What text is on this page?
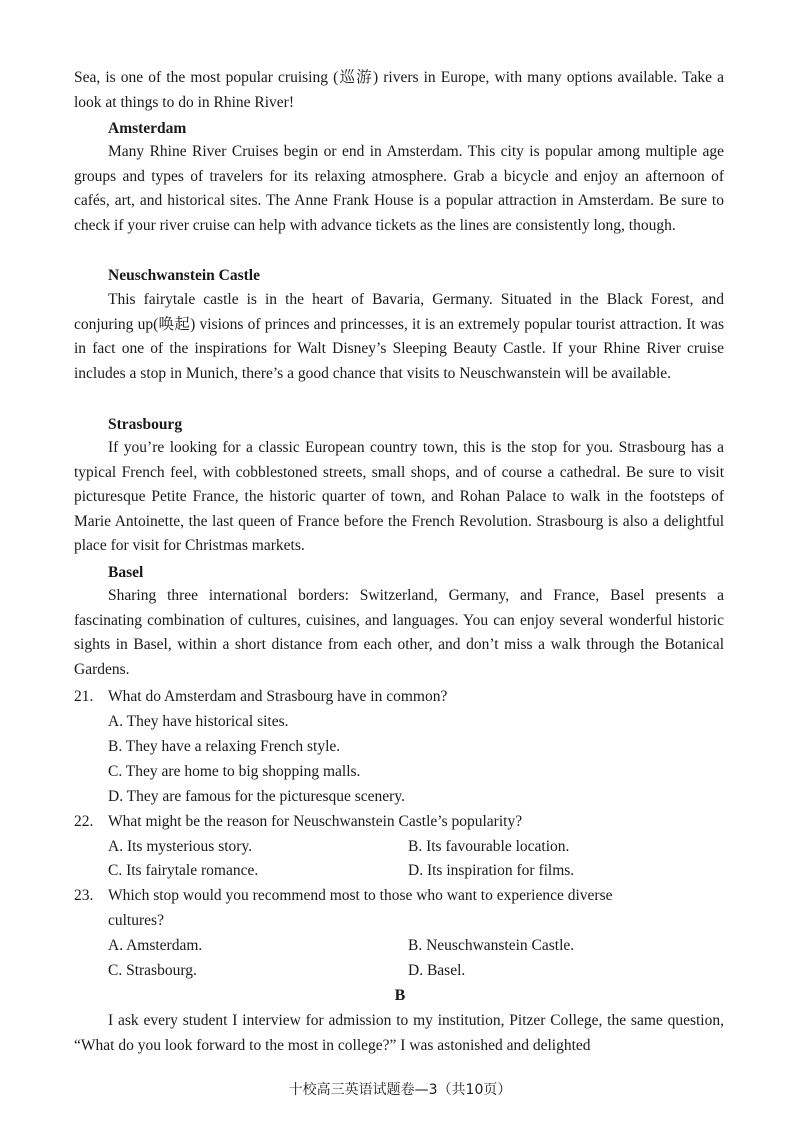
Sea, is one of the most popular cruising (巡游) rivers in Europe, with many options available. Take a look at things to do in Rhine River!

Amsterdam

Many Rhine River Cruises begin or end in Amsterdam. This city is popular among multiple age groups and types of travelers for its relaxing atmosphere. Grab a bicycle and enjoy an afternoon of cafés, art, and historical sites. The Anne Frank House is a popular attraction in Amsterdam. Be sure to check if your river cruise can help with advance tickets as the lines are consistently long, though.

Neuschwanstein Castle

This fairytale castle is in the heart of Bavaria, Germany. Situated in the Black Forest, and conjuring up(唤起) visions of princes and princesses, it is an extremely popular tourist attraction. It was in fact one of the inspirations for Walt Disney’s Sleeping Beauty Castle. If your Rhine River cruise includes a stop in Munich, there’s a good chance that visits to Neuschwanstein will be available.

Strasbourg

If you’re looking for a classic European country town, this is the stop for you. Strasbourg has a typical French feel, with cobblestoned streets, small shops, and of course a cathedral. Be sure to visit picturesque Petite France, the historic quarter of town, and Rohan Palace to walk in the footsteps of Marie Antoinette, the last queen of France before the French Revolution. Strasbourg is also a delightful place for visit for Christmas markets.

Basel

Sharing three international borders: Switzerland, Germany, and France, Basel presents a fascinating combination of cultures, cuisines, and languages. You can enjoy several wonderful historic sights in Basel, within a short distance from each other, and don’t miss a walk through the Botanical Gardens.

21. What do Amsterdam and Strasbourg have in common?

A. They have historical sites.

B. They have a relaxing French style.

C. They are home to big shopping malls.

D. They are famous for the picturesque scenery.

22. What might be the reason for Neuschwanstein Castle’s popularity?

A. Its mysterious story.	B. Its favourable location.

C. Its fairytale romance.	D. Its inspiration for films.

23. Which stop would you recommend most to those who want to experience diverse

cultures?

A. Amsterdam.	B. Neuschwanstein Castle.

C. Strasbourg.	D. Basel.

B

I ask every student I interview for admission to my institution, Pitzer College, the same question, “What do you look forward to the most in college?” I was astonished and delighted

十校高三英语试题卷—3（共10页）
